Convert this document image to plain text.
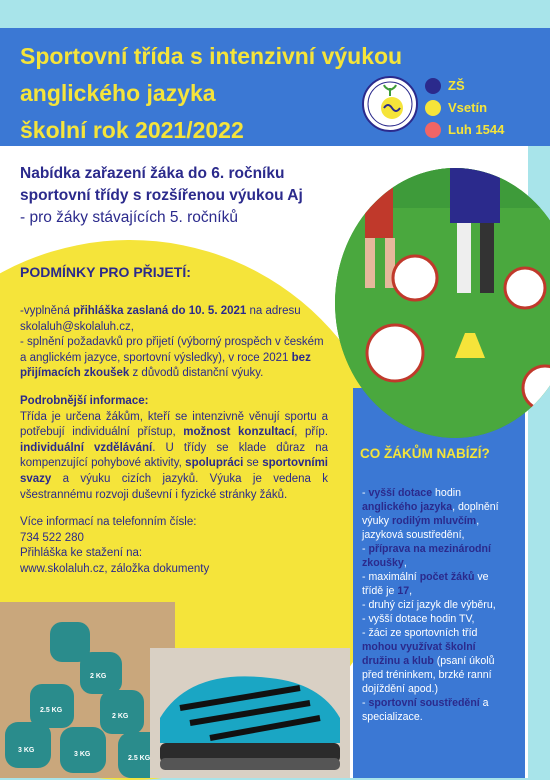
Sportovní třída s intenzivní výukou
anglického jazyka
školní rok 2021/2022
ZŠ
Vsetín
Luh 1544
Nabídka zařazení žáka do 6. ročníku
sportovní třídy s rozšířenou výukou Aj
- pro žáky stávajících 5. ročníků
PODMÍNKY PRO PŘIJETÍ:

-vyplněná přihláška zaslaná do 10. 5. 2021 na adresu skolaluh@skolaluh.cz,
- splnění požadavků pro přijetí (výborný prospěch v českém a anglickém jazyce, sportovní výsledky), v roce 2021 bez přijímacích zkoušek z důvodů distanční výuky.

Podrobnější informace:
Třída je určena žákům, kteří se intenzivně věnují sportu a potřebují individuální přístup, možnost konzultací, příp. individuální vzdělávání. U třídy se klade důraz na kompenzující pohybové aktivity, spolupráci se sportovními svazy a výuku cizích jazyků. Výuka je vedena k všestrannému rozvoji duševní i fyzické stránky žáků.

Více informací na telefonním čísle:
734 522 280
Přihláška ke stažení na:
www.skolaluh.cz, záložka dokumenty

CO ŽÁKŮM NABÍZÍ?
- vyšší dotace hodin anglického jazyka, doplnění výuky rodilým mluvčím, jazyková soustředění,
- příprava na mezinárodní zkoušky,
- maximální počet žáků ve třídě je 17,
- druhý cizí jazyk dle výběru,
- vyšší dotace hodin TV,
- žáci ze sportovních tříd mohou využívat školní družinu a klub (psaní úkolů před tréninkem, brzké ranní dojíždění apod.)
- sportovní soustředění a specializace.
2 KG
2.5 KG
2 KG
3 KG
3 KG
2.5 KG
